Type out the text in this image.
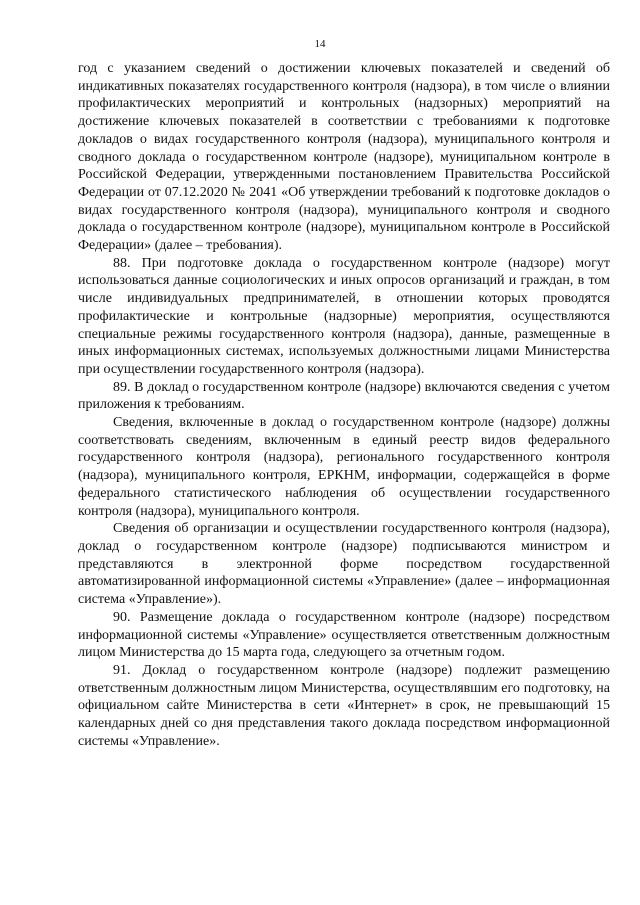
14

год с указанием сведений о достижении ключевых показателей и сведений об индикативных показателях государственного контроля (надзора), в том числе о влиянии профилактических мероприятий и контрольных (надзорных) мероприятий на достижение ключевых показателей в соответствии с требованиями к подготовке докладов о видах государственного контроля (надзора), муниципального контроля и сводного доклада о государственном контроле (надзоре), муниципальном контроле в Российской Федерации, утвержденными постановлением Правительства Российской Федерации от 07.12.2020 № 2041 «Об утверждении требований к подготовке докладов о видах государственного контроля (надзора), муниципального контроля и сводного доклада о государственном контроле (надзоре), муниципальном контроле в Российской Федерации» (далее – требования).

88. При подготовке доклада о государственном контроле (надзоре) могут использоваться данные социологических и иных опросов организаций и граждан, в том числе индивидуальных предпринимателей, в отношении которых проводятся профилактические и контрольные (надзорные) мероприятия, осуществляются специальные режимы государственного контроля (надзора), данные, размещенные в иных информационных системах, используемых должностными лицами Министерства при осуществлении государственного контроля (надзора).

89. В доклад о государственном контроле (надзоре) включаются сведения с учетом приложения к требованиям.

Сведения, включенные в доклад о государственном контроле (надзоре) должны соответствовать сведениям, включенным в единый реестр видов федерального государственного контроля (надзора), регионального государственного контроля (надзора), муниципального контроля, ЕРКНМ, информации, содержащейся в форме федерального статистического наблюдения об осуществлении государственного контроля (надзора), муниципального контроля.

Сведения об организации и осуществлении государственного контроля (надзора), доклад о государственном контроле (надзоре) подписываются министром и представляются в электронной форме посредством государственной автоматизированной информационной системы «Управление» (далее – информационная система «Управление»).

90. Размещение доклада о государственном контроле (надзоре) посредством информационной системы «Управление» осуществляется ответственным должностным лицом Министерства до 15 марта года, следующего за отчетным годом.

91. Доклад о государственном контроле (надзоре) подлежит размещению ответственным должностным лицом Министерства, осуществлявшим его подготовку, на официальном сайте Министерства в сети «Интернет» в срок, не превышающий 15 календарных дней со дня представления такого доклада посредством информационной системы «Управление».
